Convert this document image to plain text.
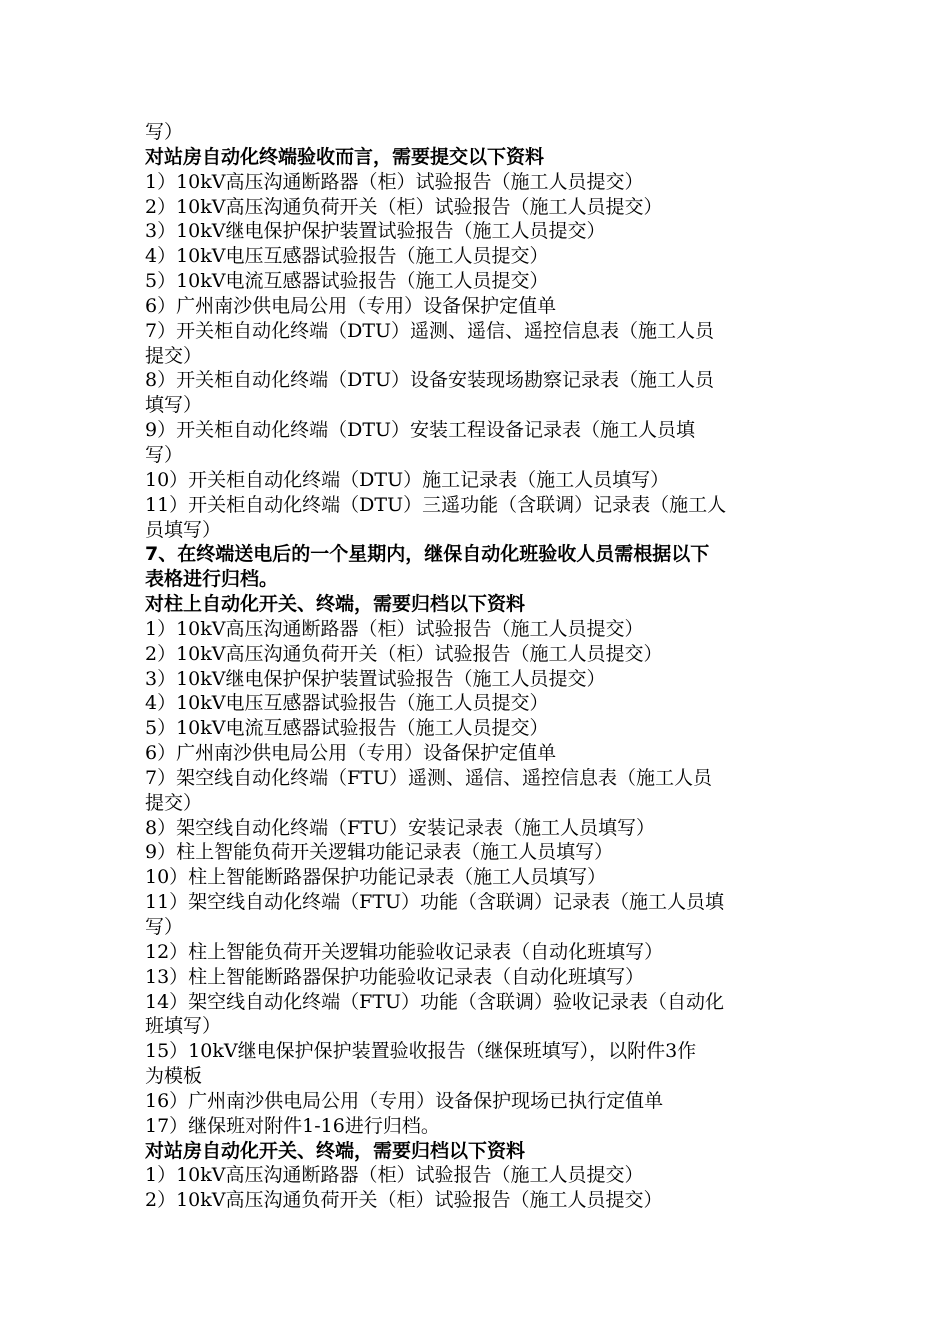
写）
对站房自动化终端验收而言，需要提交以下资料
1）10kV高压沟通断路器（柜）试验报告（施工人员提交）
2）10kV高压沟通负荷开关（柜）试验报告（施工人员提交）
3）10kV继电保护保护装置试验报告（施工人员提交）
4）10kV电压互感器试验报告（施工人员提交）
5）10kV电流互感器试验报告（施工人员提交）
6）广州南沙供电局公用（专用）设备保护定值单
7）开关柜自动化终端（DTU）遥测、遥信、遥控信息表（施工人员
提交）
8）开关柜自动化终端（DTU）设备安装现场勘察记录表（施工人员
填写）
9）开关柜自动化终端（DTU）安装工程设备记录表（施工人员填
写）
10）开关柜自动化终端（DTU）施工记录表（施工人员填写）
11）开关柜自动化终端（DTU）三遥功能（含联调）记录表（施工人
员填写）
7、在终端送电后的一个星期内，继保自动化班验收人员需根据以下
表格进行归档。
对柱上自动化开关、终端，需要归档以下资料
1）10kV高压沟通断路器（柜）试验报告（施工人员提交）
2）10kV高压沟通负荷开关（柜）试验报告（施工人员提交）
3）10kV继电保护保护装置试验报告（施工人员提交）
4）10kV电压互感器试验报告（施工人员提交）
5）10kV电流互感器试验报告（施工人员提交）
6）广州南沙供电局公用（专用）设备保护定值单
7）架空线自动化终端（FTU）遥测、遥信、遥控信息表（施工人员
提交）
8）架空线自动化终端（FTU）安装记录表（施工人员填写）
9）柱上智能负荷开关逻辑功能记录表（施工人员填写）
10）柱上智能断路器保护功能记录表（施工人员填写）
11）架空线自动化终端（FTU）功能（含联调）记录表（施工人员填
写）
12）柱上智能负荷开关逻辑功能验收记录表（自动化班填写）
13）柱上智能断路器保护功能验收记录表（自动化班填写）
14）架空线自动化终端（FTU）功能（含联调）验收记录表（自动化
班填写）
15）10kV继电保护保护装置验收报告（继保班填写），以附件3作
为模板
16）广州南沙供电局公用（专用）设备保护现场已执行定值单
17）继保班对附件1-16进行归档。
对站房自动化开关、终端，需要归档以下资料
1）10kV高压沟通断路器（柜）试验报告（施工人员提交）
2）10kV高压沟通负荷开关（柜）试验报告（施工人员提交）
